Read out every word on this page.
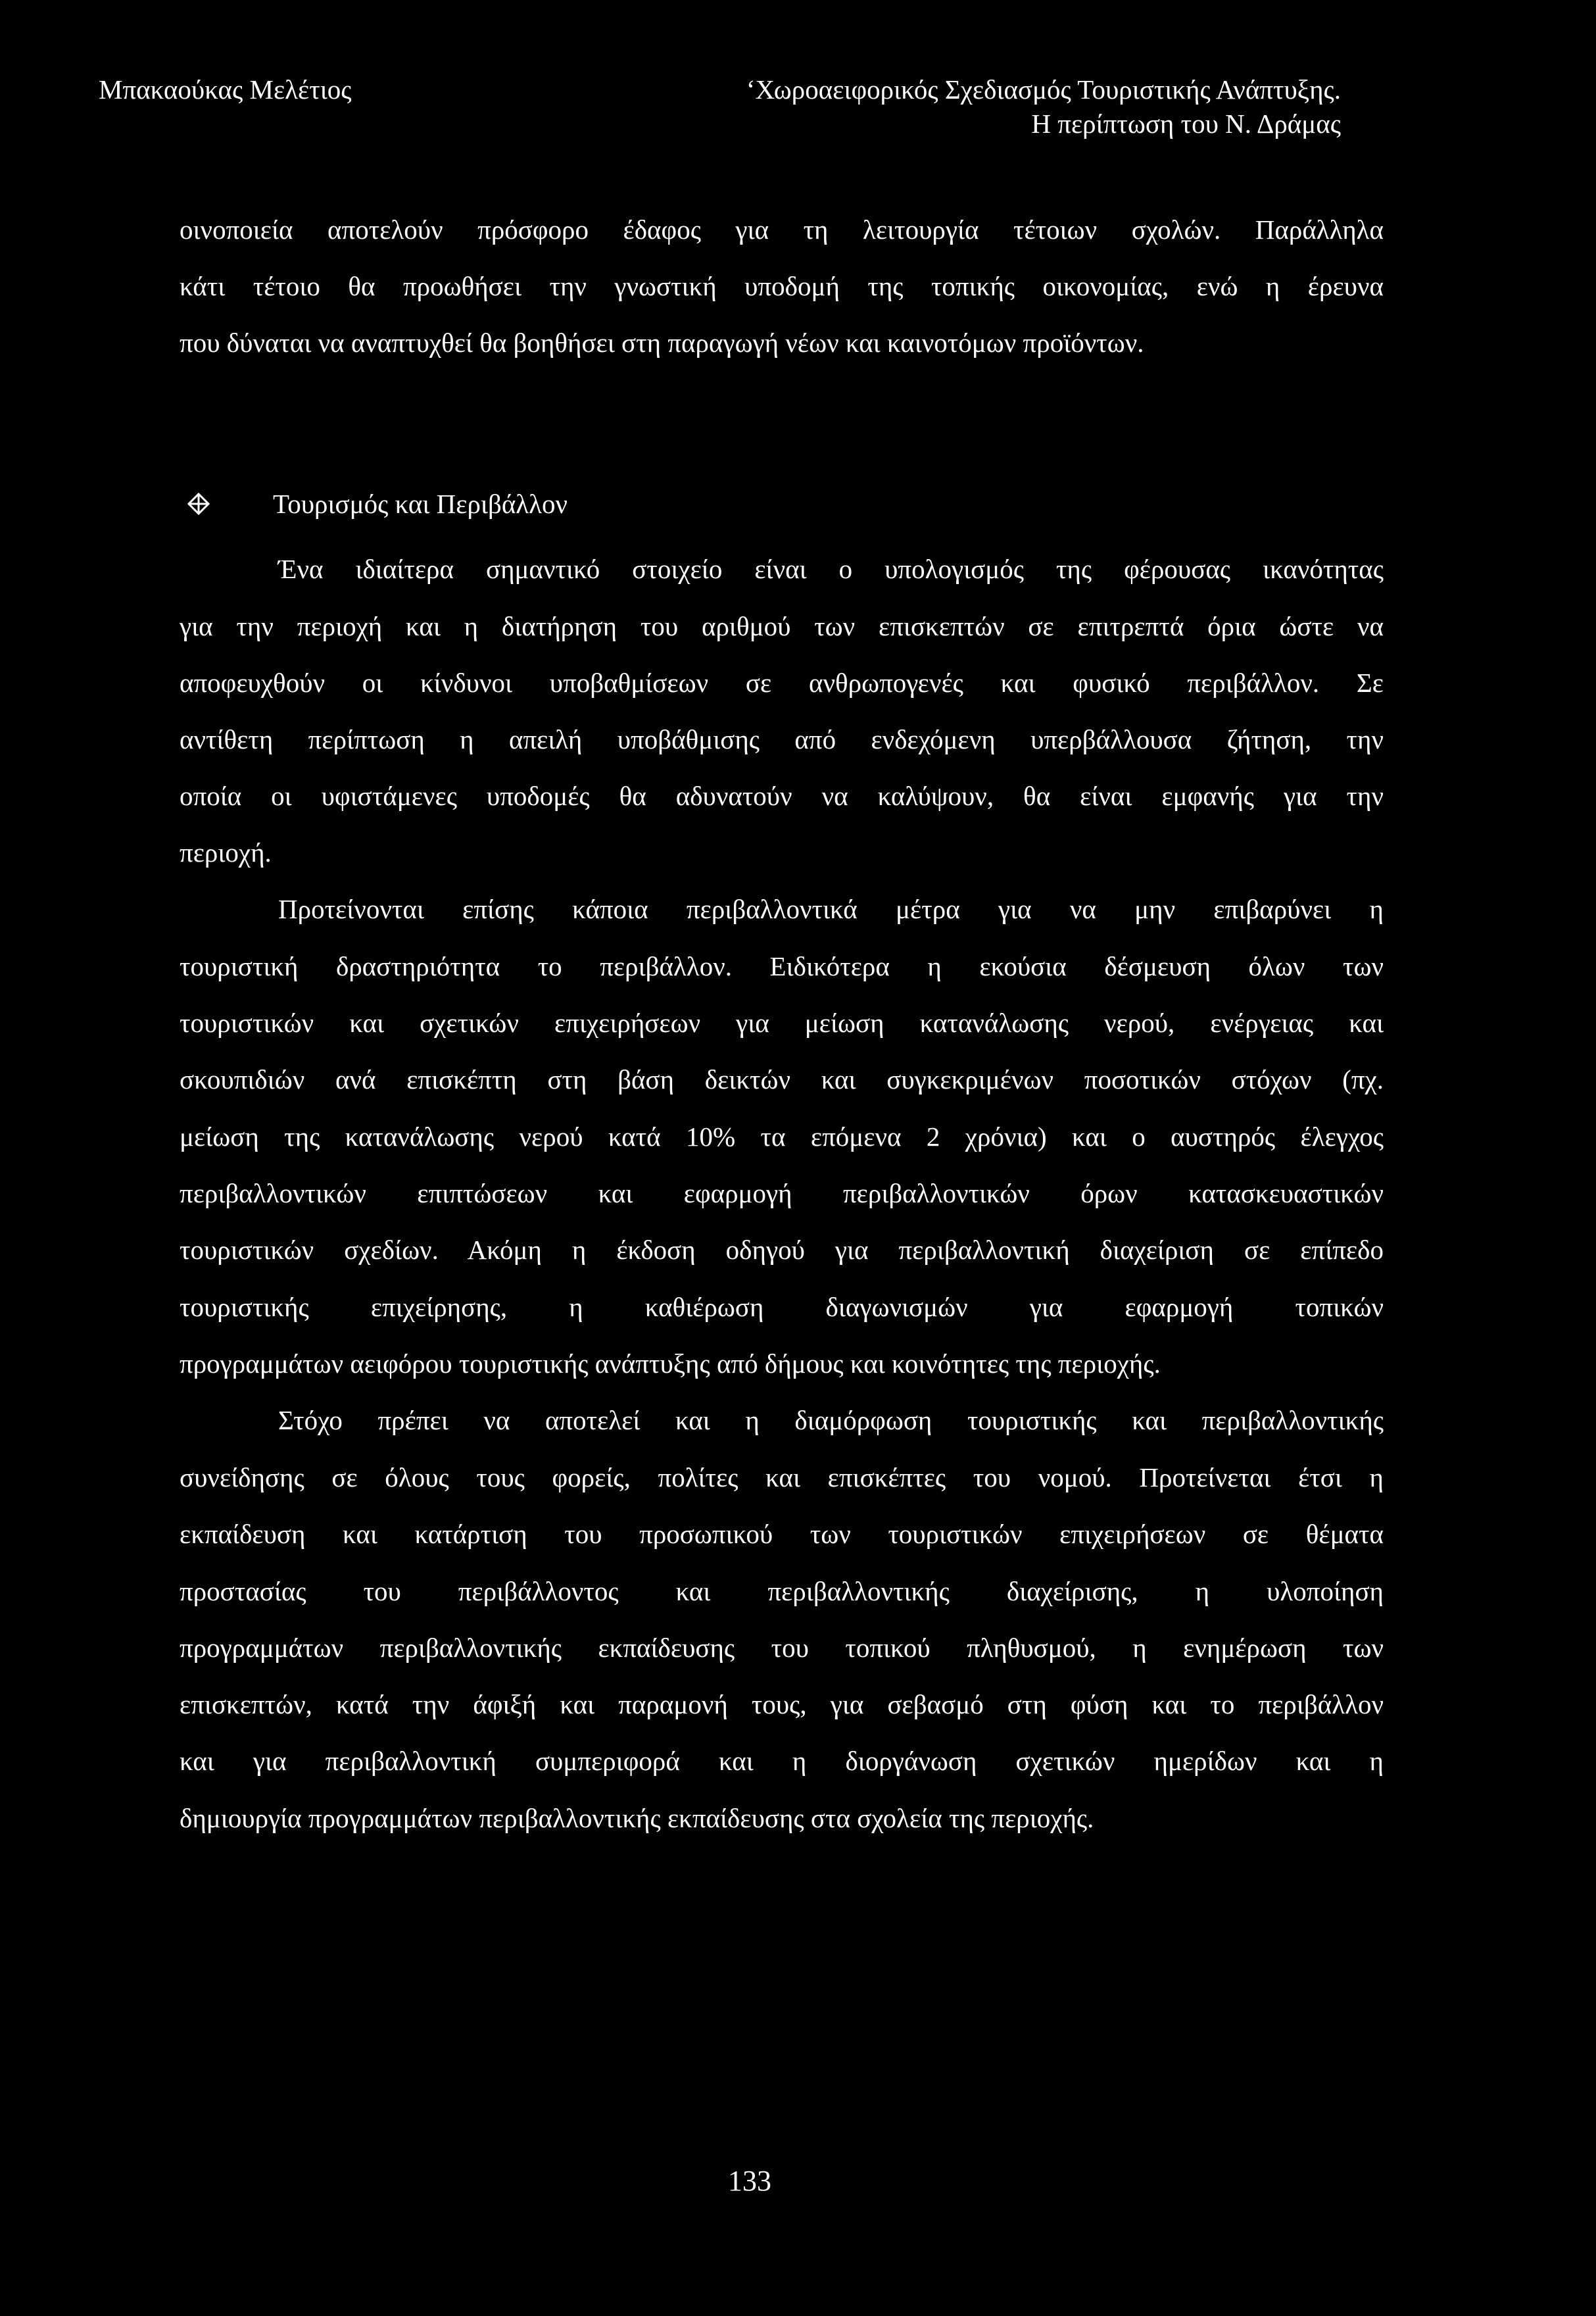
Μπακαούκας Μελέτιος	‘Χωροαειφορικός Σχεδιασμός Τουριστικής Ανάπτυξης.
Η περίπτωση του Ν. Δράμας
οινοποιεία αποτελούν πρόσφορο έδαφος για τη λειτουργία τέτοιων σχολών. Παράλληλα
κάτι τέτοιο θα προωθήσει την γνωστική υποδομή της τοπικής οικονομίας, ενώ η έρευνα
που δύναται να αναπτυχθεί θα βοηθήσει στη παραγωγή νέων και καινοτόμων προϊόντων.
Τουρισμός και Περιβάλλον
Ένα ιδιαίτερα σημαντικό στοιχείο είναι ο υπολογισμός της φέρουσας ικανότητας
για την περιοχή και η διατήρηση του αριθμού των επισκεπτών σε επιτρεπτά όρια ώστε να
αποφευχθούν οι κίνδυνοι υποβαθμίσεων σε ανθρωπογενές και φυσικό περιβάλλον. Σε
αντίθετη περίπτωση η απειλή υποβάθμισης από ενδεχόμενη υπερβάλλουσα ζήτηση, την
οποία οι υφιστάμενες υποδομές θα αδυνατούν να καλύψουν, θα είναι εμφανής για την
περιοχή.
Προτείνονται επίσης κάποια περιβαλλοντικά μέτρα για να μην επιβαρύνει η
τουριστική δραστηριότητα το περιβάλλον. Ειδικότερα η εκούσια δέσμευση όλων των
τουριστικών και σχετικών επιχειρήσεων για μείωση κατανάλωσης νερού, ενέργειας και
σκουπιδιών ανά επισκέπτη στη βάση δεικτών και συγκεκριμένων ποσοτικών στόχων (πχ.
μείωση της κατανάλωσης νερού κατά 10% τα επόμενα 2 χρόνια) και ο αυστηρός έλεγχος
περιβαλλοντικών επιπτώσεων και εφαρμογή περιβαλλοντικών όρων κατασκευαστικών
τουριστικών σχεδίων. Ακόμη η έκδοση οδηγού για περιβαλλοντική διαχείριση σε επίπεδο
τουριστικής επιχείρησης, η καθιέρωση διαγωνισμών για εφαρμογή τοπικών
προγραμμάτων αειφόρου τουριστικής ανάπτυξης από δήμους και κοινότητες της περιοχής.
Στόχο πρέπει να αποτελεί και η διαμόρφωση τουριστικής και περιβαλλοντικής
συνείδησης σε όλους τους φορείς, πολίτες και επισκέπτες του νομού. Προτείνεται έτσι η
εκπαίδευση και κατάρτιση του προσωπικού των τουριστικών επιχειρήσεων σε θέματα
προστασίας του περιβάλλοντος και περιβαλλοντικής διαχείρισης, η υλοποίηση
προγραμμάτων περιβαλλοντικής εκπαίδευσης του τοπικού πληθυσμού, η ενημέρωση των
επισκεπτών, κατά την άφιξή και παραμονή τους, για σεβασμό στη φύση και το περιβάλλον
και για περιβαλλοντική συμπεριφορά και η διοργάνωση σχετικών ημερίδων και η
δημιουργία προγραμμάτων περιβαλλοντικής εκπαίδευσης στα σχολεία της περιοχής.
133
